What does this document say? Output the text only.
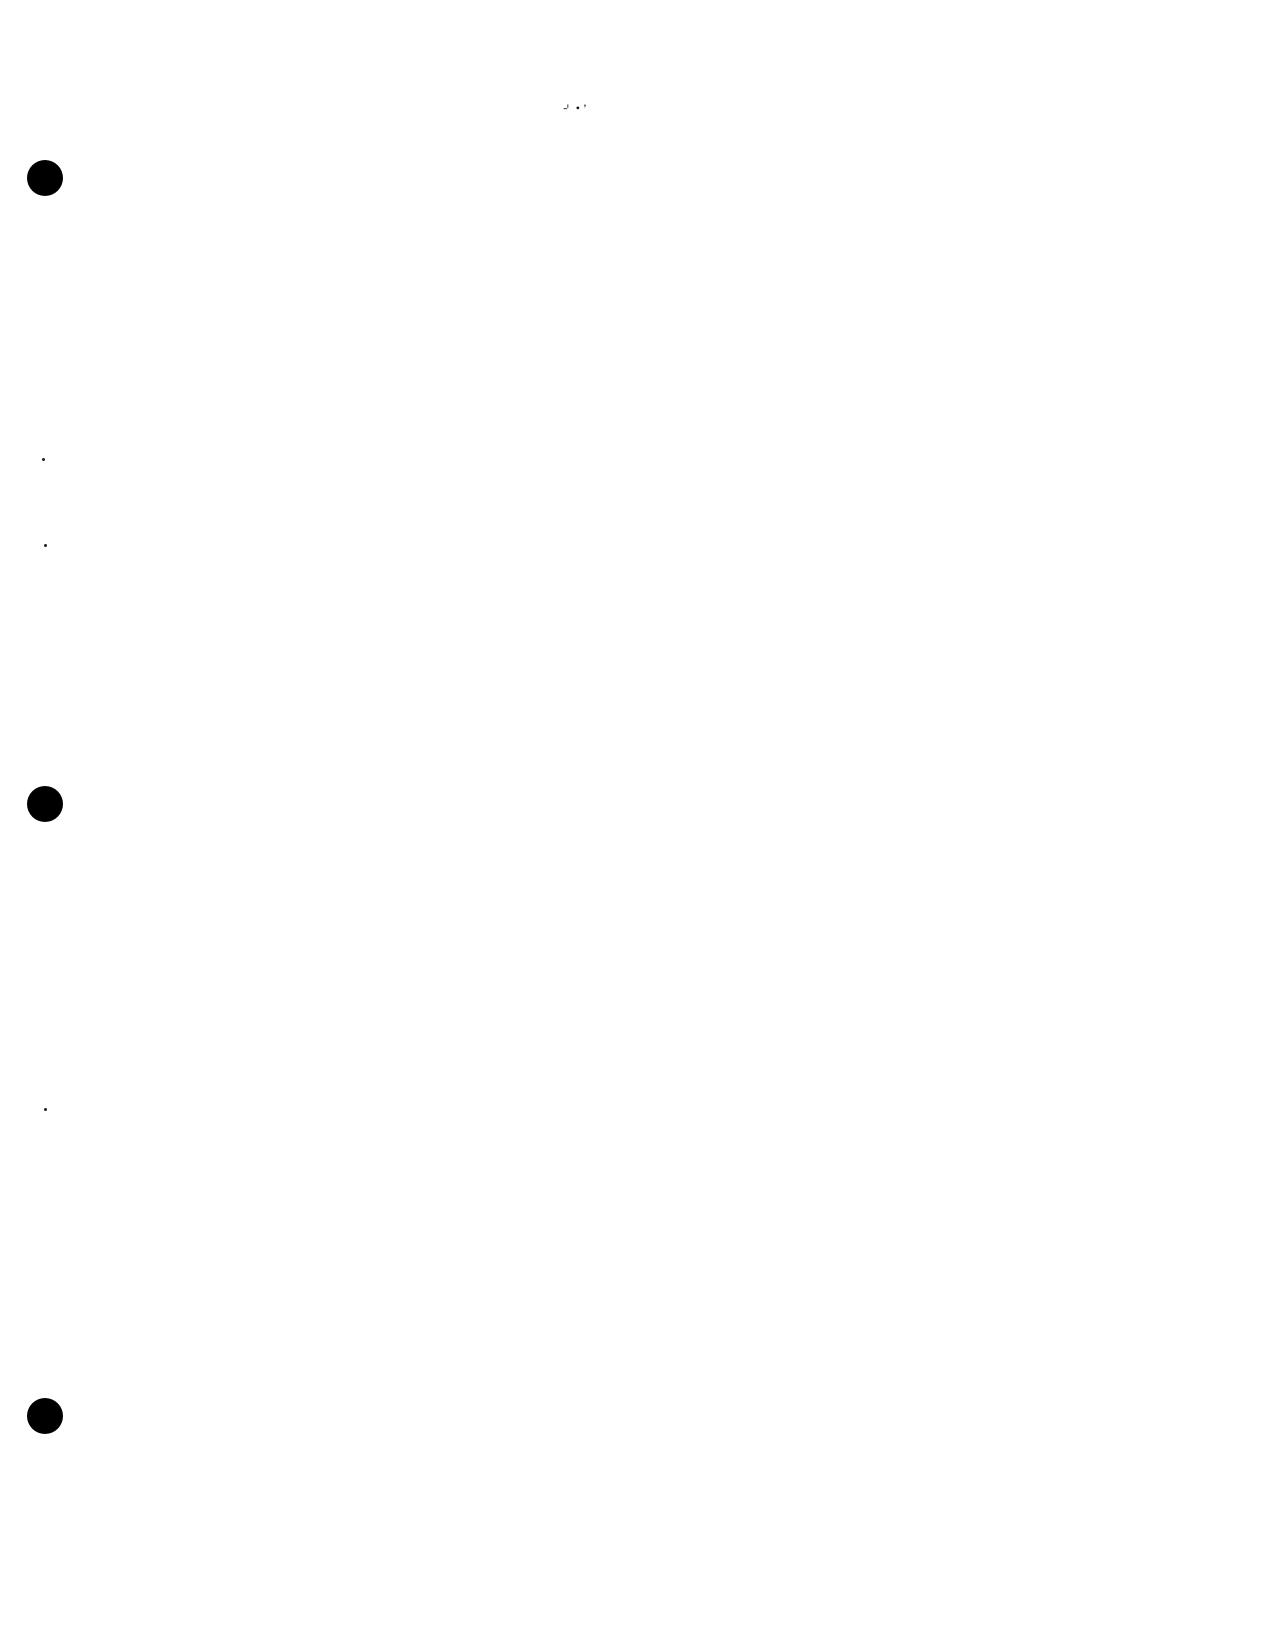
⌏ • ’
